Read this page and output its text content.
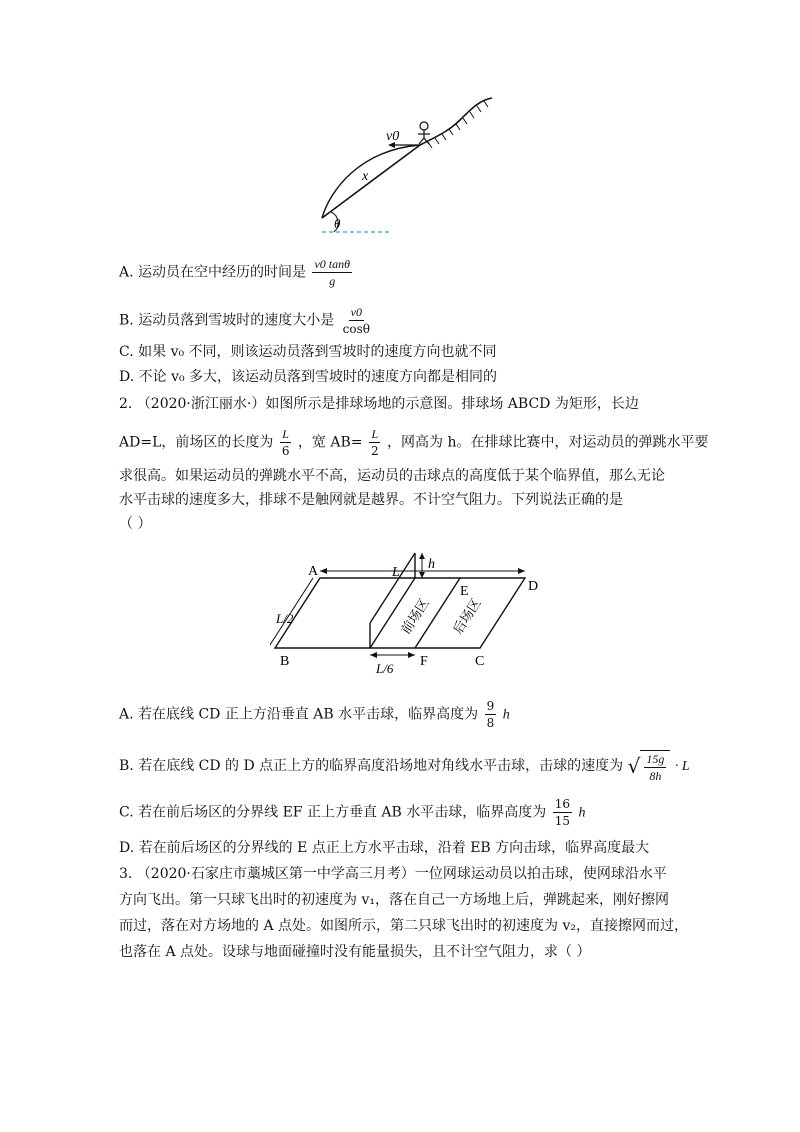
v0
x
θ
A. 运动员在空中经历的时间是 $\frac{v0 \tan\theta}{g}$
B. 运动员落到雪坡时的速度大小是 $\frac{v0}{\cos\theta}$
C. 如果 v₀ 不同，则该运动员落到雪坡时的速度方向也就不同
D. 不论 v₀ 多大，该运动员落到雪坡时的速度方向都是相同的
2. （2020·浙江丽水·）如图所示是排球场地的示意图。排球场 ABCD 为矩形，长边
AD=L，前场区的长度为 $\frac{L}{6}$ ，宽 $AB= \frac{L}{2}$ ，网高为 h。在排球比赛中，对运动员的弹跳水平要
求很高。如果运动员的弹跳水平不高，运动员的击球点的高度低于某个临界值，那么无论
水平击球的速度多大，排球不是触网就是越界。不计空气阻力。下列说法正确的是
（ ）
A
B	C
D
E
F
L
h
L/2
L/6
前场区 后场区
A. 若在底线 CD 正上方沿垂直 AB 水平击球，临界高度为 $\frac{9}{8}$ h
B. 若在底线 CD 的 D 点正上方的临界高度沿场地对角线水平击球，击球的速度为 √ $\frac{15g}{8h} \cdot L$
C. 若在前后场区的分界线 EF 正上方垂直 AB 水平击球，临界高度为 $\frac{16}{15}$ h
D. 若在前后场区的分界线的 E 点正上方水平击球，沿着 EB 方向击球，临界高度最大
3. （2020·石家庄市藁城区第一中学高三月考）一位网球运动员以拍击球，使网球沿水平
方向飞出。第一只球飞出时的初速度为 v₁，落在自己一方场地上后，弹跳起来，刚好擦网
而过，落在对方场地的 A 点处。如图所示，第二只球飞出时的初速度为 v₂，直接擦网而过，
也落在 A 点处。设球与地面碰撞时没有能量损失，且不计空气阻力，求（ ）
